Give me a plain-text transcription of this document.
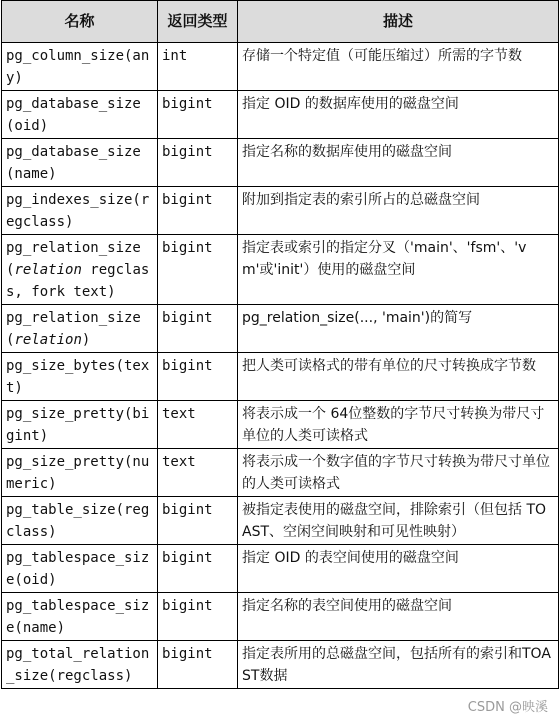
名称	返回类型	描述
pg_column_size(any)	int	存储一个特定值（可能压缩过）所需的字节数
pg_database_size(oid)	bigint	指定 OID 的数据库使用的磁盘空间
pg_database_size(name)	bigint	指定名称的数据库使用的磁盘空间
pg_indexes_size(regclass)	bigint	附加到指定表的索引所占的总磁盘空间
pg_relation_size(relation regclass, fork text)	bigint	指定表或索引的指定分叉（'main'、'fsm'、'vm'或'init'）使用的磁盘空间
pg_relation_size(relation)	bigint	pg_relation_size(..., 'main')的简写
pg_size_bytes(text)	bigint	把人类可读格式的带有单位的尺寸转换成字节数
pg_size_pretty(bigint)	text	将表示成一个 64位整数的字节尺寸转换为带尺寸单位的人类可读格式
pg_size_pretty(numeric)	text	将表示成一个数字值的字节尺寸转换为带尺寸单位的人类可读格式
pg_table_size(regclass)	bigint	被指定表使用的磁盘空间，排除索引（但包括 TOAST、空闲空间映射和可见性映射）
pg_tablespace_size(oid)	bigint	指定 OID 的表空间使用的磁盘空间
pg_tablespace_size(name)	bigint	指定名称的表空间使用的磁盘空间
pg_total_relation_size(regclass)	bigint	指定表所用的总磁盘空间，包括所有的索引和TOAST数据
CSDN @映溪
